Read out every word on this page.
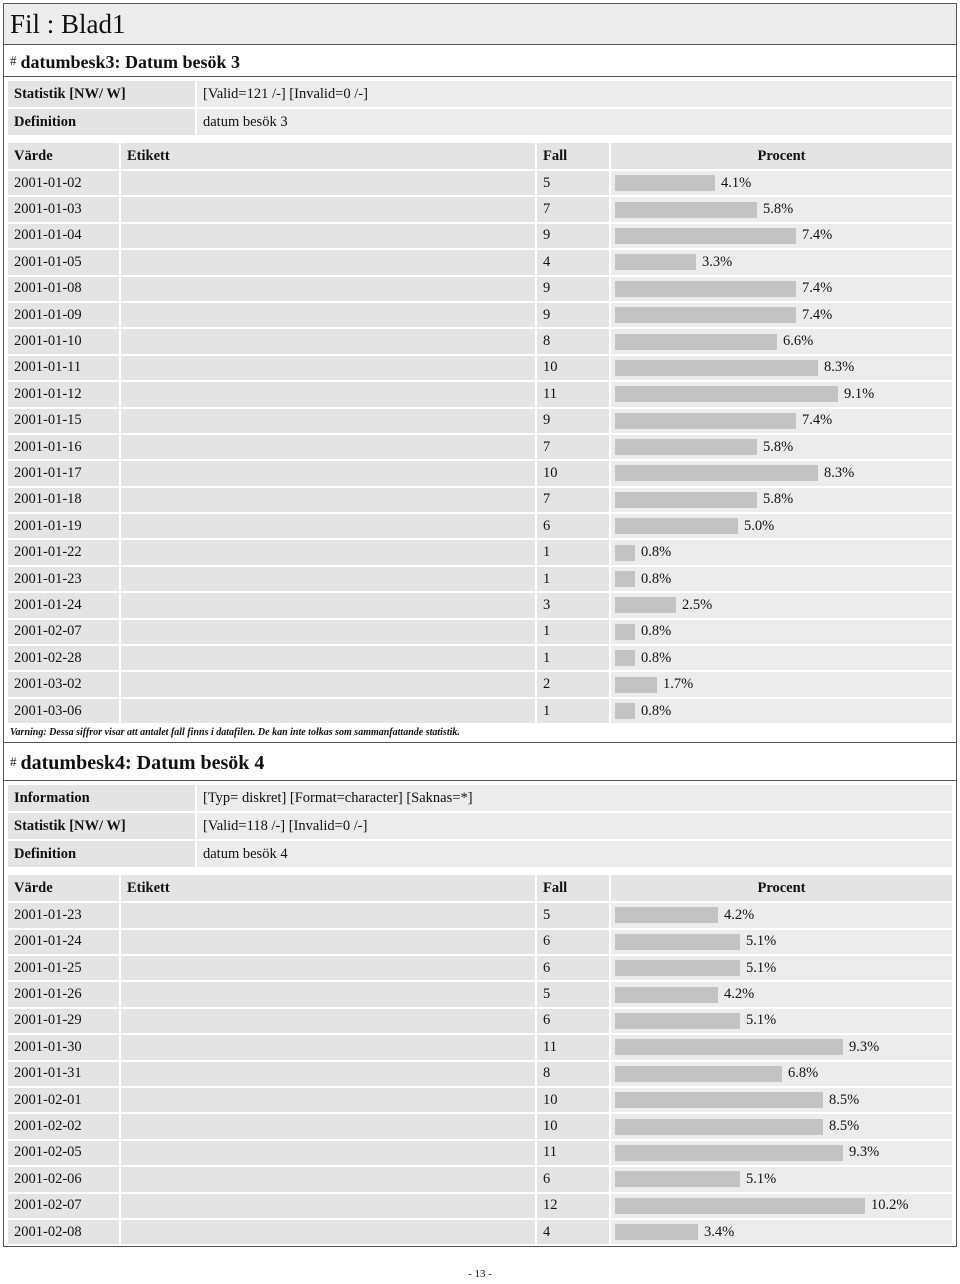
Fil : Blad1
# datumbesk3: Datum besök 3
Statistik [NW/ W]	[Valid=121 /-] [Invalid=0 /-]
Definition	datum besök 3
Värde	Etikett	Fall	Procent
2001-01-02		5	4.1%

2001-01-03		7	5.8%

2001-01-04		9	7.4%

2001-01-05		4	3.3%

2001-01-08		9	7.4%

2001-01-09		9	7.4%

2001-01-10		8	6.6%

2001-01-11		10	8.3%

2001-01-12		11	9.1%

2001-01-15		9	7.4%

2001-01-16		7	5.8%

2001-01-17		10	8.3%

2001-01-18		7	5.8%

2001-01-19		6	5.0%

2001-01-22		1	0.8%

2001-01-23		1	0.8%

2001-01-24		3	2.5%

2001-02-07		1	0.8%

2001-02-28		1	0.8%

2001-03-02		2	1.7%

2001-03-06		1	0.8%
Varning: Dessa siffror visar att antalet fall finns i datafilen. De kan inte tolkas som sammanfattande statistik.
# datumbesk4: Datum besök 4
Information	[Typ= diskret] [Format=character] [Saknas=*]
Statistik [NW/ W]	[Valid=118 /-] [Invalid=0 /-]
Definition	datum besök 4
Värde	Etikett	Fall	Procent
2001-01-23		5	4.2%

2001-01-24		6	5.1%

2001-01-25		6	5.1%

2001-01-26		5	4.2%

2001-01-29		6	5.1%

2001-01-30		11	9.3%

2001-01-31		8	6.8%

2001-02-01		10	8.5%

2001-02-02		10	8.5%

2001-02-05		11	9.3%

2001-02-06		6	5.1%

2001-02-07		12	10.2%

2001-02-08		4	3.4%
- 13 -
